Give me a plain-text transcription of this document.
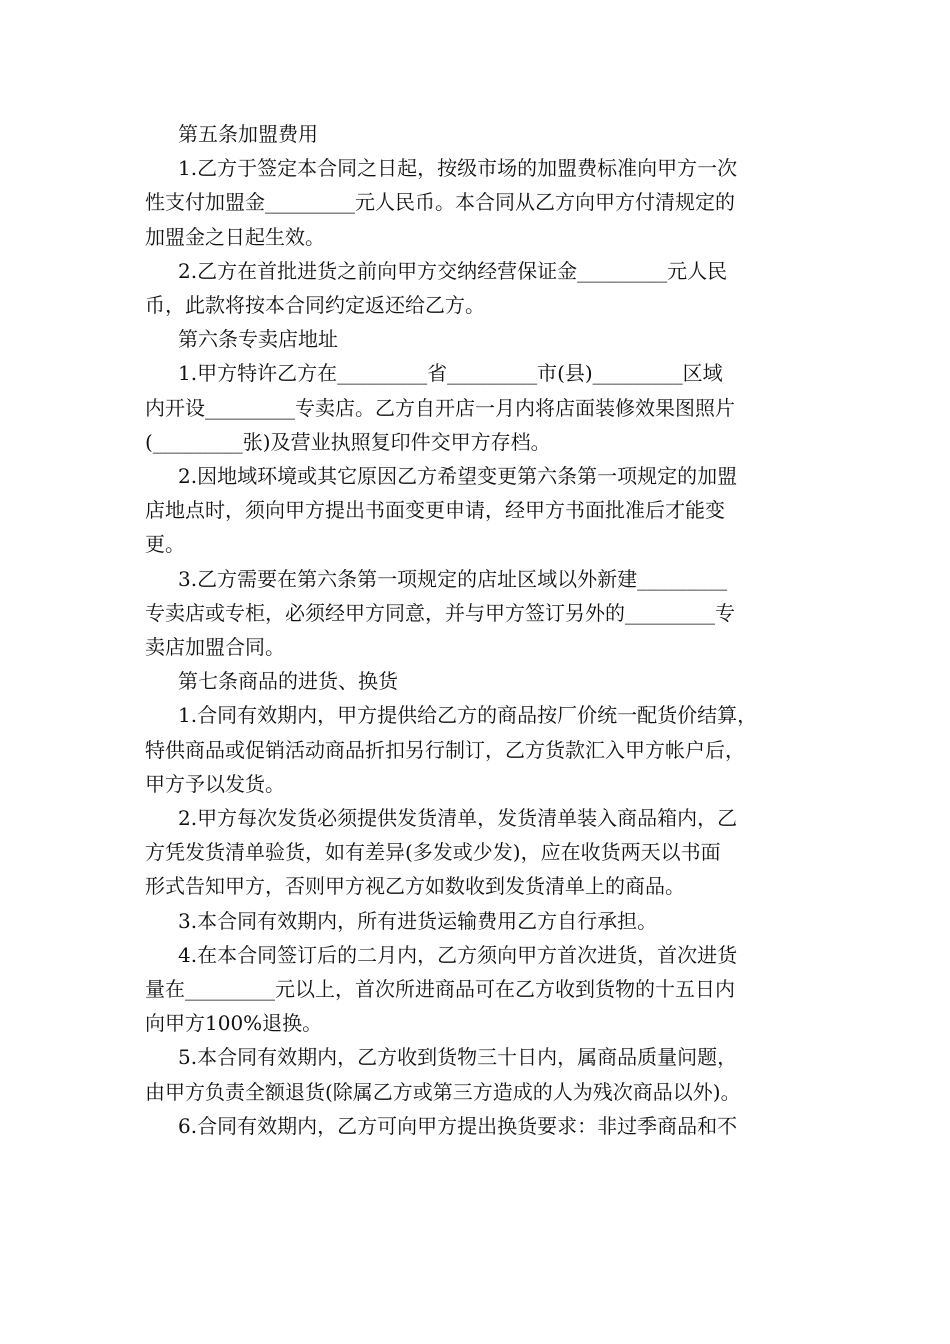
第五条加盟费用
1.乙方于签定本合同之日起，按级市场的加盟费标准向甲方一次
性支付加盟金_________元人民币。本合同从乙方向甲方付清规定的
加盟金之日起生效。
2.乙方在首批进货之前向甲方交纳经营保证金_________元人民
币，此款将按本合同约定返还给乙方。
第六条专卖店地址
1.甲方特许乙方在_________省_________市(县)_________区域
内开设_________专卖店。乙方自开店一月内将店面装修效果图照片
(_________张)及营业执照复印件交甲方存档。
2.因地域环境或其它原因乙方希望变更第六条第一项规定的加盟
店地点时，须向甲方提出书面变更申请，经甲方书面批准后才能变
更。
3.乙方需要在第六条第一项规定的店址区域以外新建_________
专卖店或专柜，必须经甲方同意，并与甲方签订另外的_________专
卖店加盟合同。
第七条商品的进货、换货
1.合同有效期内，甲方提供给乙方的商品按厂价统一配货价结算，
特供商品或促销活动商品折扣另行制订，乙方货款汇入甲方帐户后，
甲方予以发货。
2.甲方每次发货必须提供发货清单，发货清单装入商品箱内，乙
方凭发货清单验货，如有差异(多发或少发)，应在收货两天以书面
形式告知甲方，否则甲方视乙方如数收到发货清单上的商品。
3.本合同有效期内，所有进货运输费用乙方自行承担。
4.在本合同签订后的二月内，乙方须向甲方首次进货，首次进货
量在_________元以上，首次所进商品可在乙方收到货物的十五日内
向甲方100%退换。
5.本合同有效期内，乙方收到货物三十日内，属商品质量问题，
由甲方负责全额退货(除属乙方或第三方造成的人为残次商品以外)。
6.合同有效期内，乙方可向甲方提出换货要求：非过季商品和不
